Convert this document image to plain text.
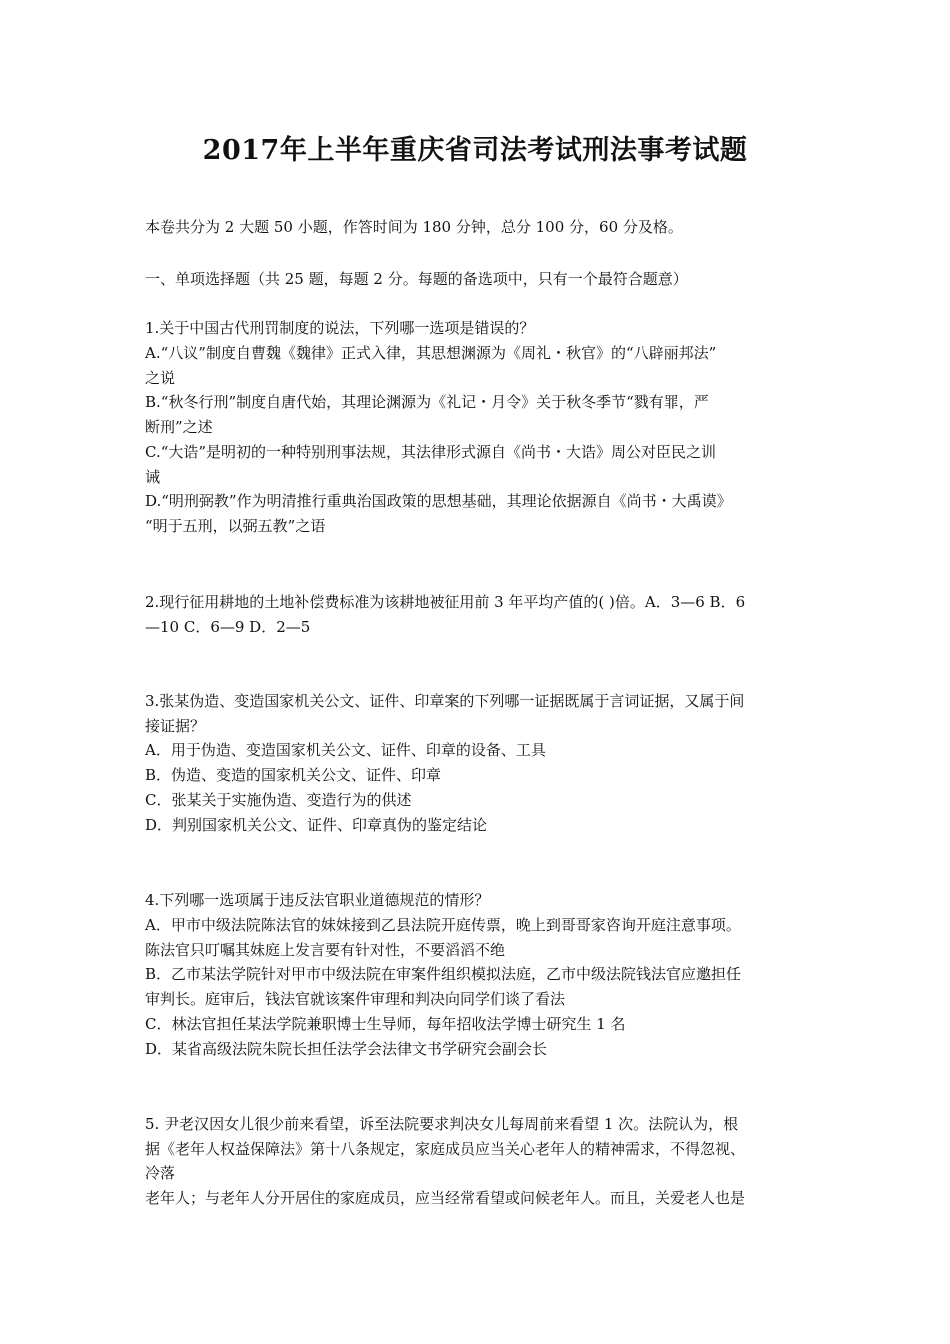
2017年上半年重庆省司法考试刑法事考试题
本卷共分为 2 大题 50 小题，作答时间为 180 分钟，总分 100 分，60 分及格。
一、单项选择题（共 25 题，每题 2 分。每题的备选项中，只有一个最符合题意）
1.关于中国古代刑罚制度的说法，下列哪一选项是错误的？
A.“八议”制度自曹魏《魏律》正式入律，其思想渊源为《周礼・秋官》的“八辟丽邦法”
之说
B.“秋冬行刑”制度自唐代始，其理论渊源为《礼记・月令》关于秋冬季节“戮有罪，严
断刑”之述
C.“大诰”是明初的一种特别刑事法规，其法律形式源自《尚书・大诰》周公对臣民之训
诫
D.“明刑弼教”作为明清推行重典治国政策的思想基础，其理论依据源自《尚书・大禹谟》
“明于五刑，以弼五教”之语
2.现行征用耕地的土地补偿费标准为该耕地被征用前 3 年平均产值的( )倍。A．3—6 B．6
—10 C．6—9 D．2—5
3.张某伪造、变造国家机关公文、证件、印章案的下列哪一证据既属于言词证据，又属于间
接证据？
A．用于伪造、变造国家机关公文、证件、印章的设备、工具
B．伪造、变造的国家机关公文、证件、印章
C．张某关于实施伪造、变造行为的供述
D．判别国家机关公文、证件、印章真伪的鉴定结论
4.下列哪一选项属于违反法官职业道德规范的情形？
A．甲市中级法院陈法官的妹妹接到乙县法院开庭传票，晚上到哥哥家咨询开庭注意事项。
陈法官只叮嘱其妹庭上发言要有针对性，不要滔滔不绝
B．乙市某法学院针对甲市中级法院在审案件组织模拟法庭，乙市中级法院钱法官应邀担任
审判长。庭审后，钱法官就该案件审理和判决向同学们谈了看法
C．林法官担任某法学院兼职博士生导师，每年招收法学博士研究生 1 名
D．某省高级法院朱院长担任法学会法律文书学研究会副会长
5. 尹老汉因女儿很少前来看望，诉至法院要求判决女儿每周前来看望 1 次。法院认为，根
据《老年人权益保障法》第十八条规定，家庭成员应当关心老年人的精神需求，不得忽视、
冷落
老年人；与老年人分开居住的家庭成员，应当经常看望或问候老年人。而且，关爱老人也是
